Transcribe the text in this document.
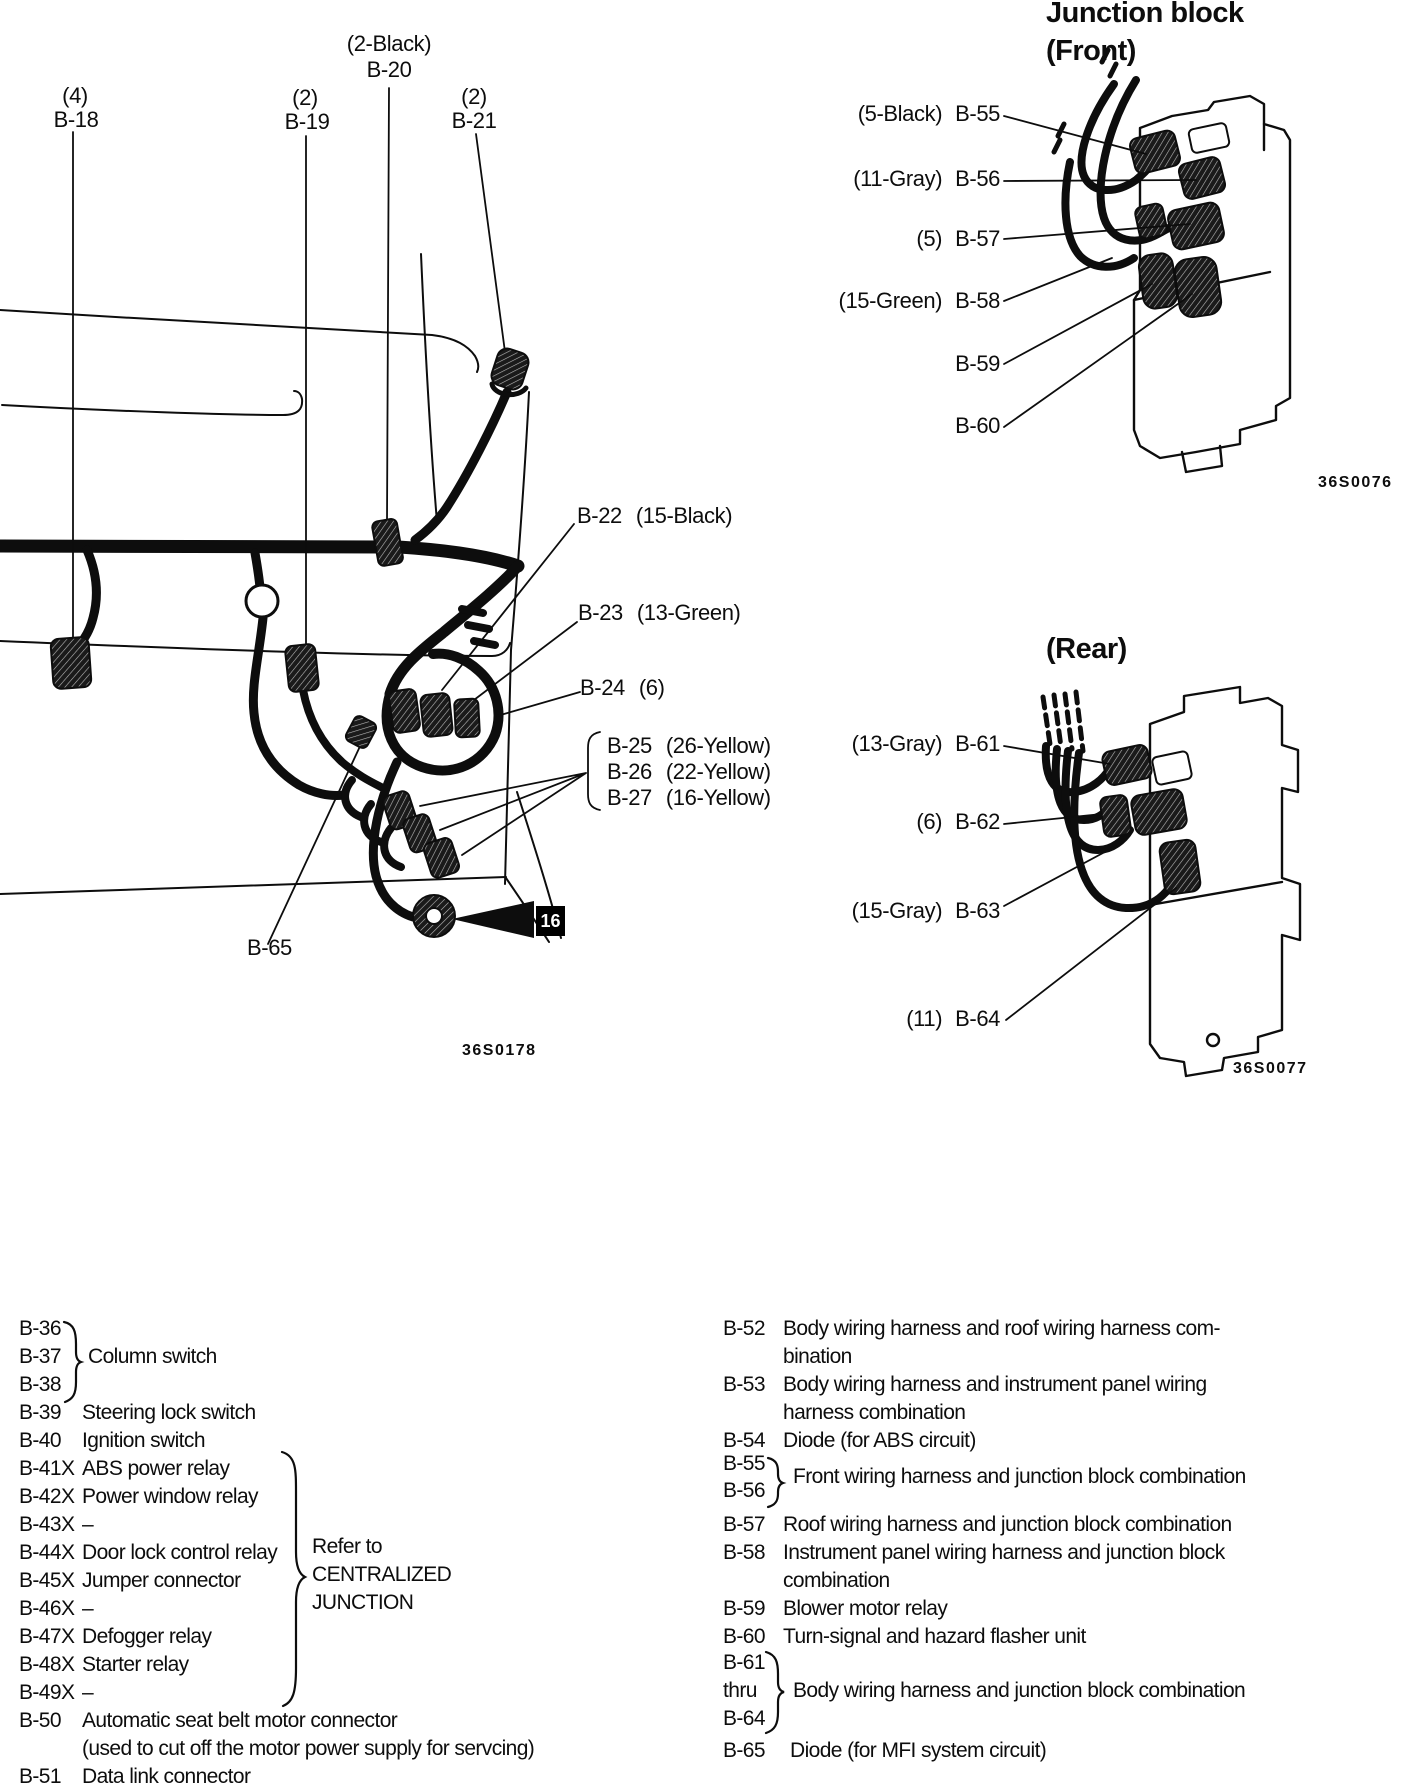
(4)
B-18
(2)
B-19
(2-Black)
B-20
(2)
B-21
B-22 (15-Black)
B-23 (13-Green)
B-24 (6)
B-25 (26-Yellow)
B-26 (22-Yellow)
B-27 (16-Yellow)
B-65
16
36S0178
Junction block
(Front)
(5-Black) B-55
(11-Gray) B-56
(5) B-57
(15-Green) B-58
B-59
B-60
36S0076
(Rear)
(13-Gray) B-61
(6) B-62
(15-Gray) B-63
(11) B-64
36S0077
B-36
B-37 Column switch
B-38
B-39 Steering lock switch
B-40 Ignition switch
B-41X ABS power relay
B-42X Power window relay
B-43X –
B-44X Door lock control relay
B-45X Jumper connector
B-46X –
B-47X Defogger relay
B-48X Starter relay
B-49X –
B-50 Automatic seat belt motor connector
(used to cut off the motor power supply for servcing)
B-51 Data link connector
Refer to
CENTRALIZED
JUNCTION
B-52 Body wiring harness and roof wiring harness com-
bination
B-53 Body wiring harness and instrument panel wiring
harness combination
B-54 Diode (for ABS circuit)
B-55
B-56
Front wiring harness and junction block combination
B-57 Roof wiring harness and junction block combination
B-58 Instrument panel wiring harness and junction block
combination
B-59 Blower motor relay
B-60 Turn-signal and hazard flasher unit
B-61
thru
B-64
Body wiring harness and junction block combination
B-65 Diode (for MFI system circuit)
